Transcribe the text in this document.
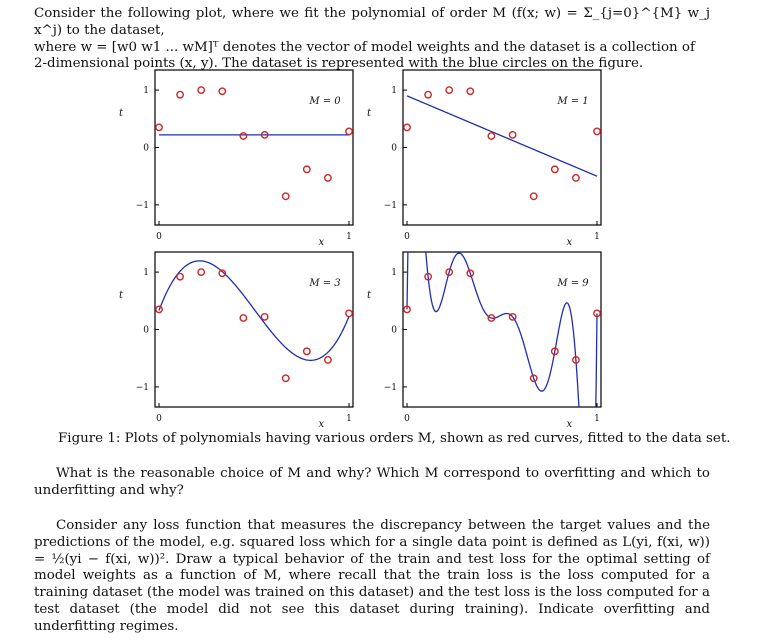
Consider the following plot, where we fit the polynomial of order M (f(x; w) = Σ_{j=0}^{M} w_j x^j) to the dataset,
where w = [w0 w1 ... wM]ᵀ denotes the vector of model weights and the dataset is a collection of
2-dimensional points (x, y). The dataset is represented with the blue circles on the figure.
1
0
−1
t
0	1
x
M = 0
1
0
−1
t
0	1
x
M = 1
1
0
−1
t
0	1
x
M = 3
1
0
−1
t
0	1
x
M = 9
Figure 1: Plots of polynomials having various orders M, shown as red curves, fitted to the data set.
What is the reasonable choice of M and why? Which M correspond to overfitting and which to underfitting and why?
Consider any loss function that measures the discrepancy between the target values and the predictions of the model, e.g. squared loss which for a single data point is defined as L(yi, f(xi, w)) = ½(yi − f(xi, w))². Draw a typical behavior of the train and test loss for the optimal setting of model weights as a function of M, where recall that the train loss is the loss computed for a training dataset (the model was trained on this dataset) and the test loss is the loss computed for a test dataset (the model did not see this dataset during training). Indicate overfitting and underfitting regimes.
